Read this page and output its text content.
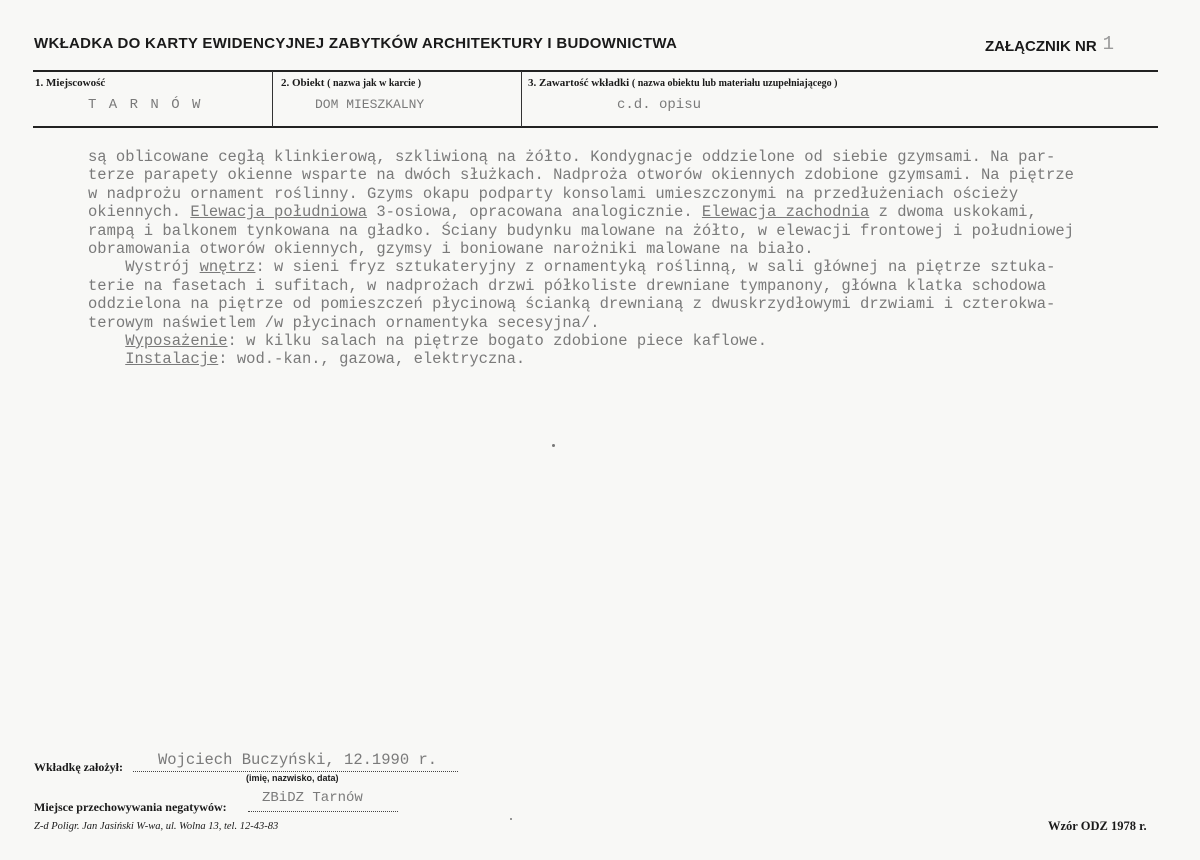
WKŁADKA DO KARTY EWIDENCYJNEJ ZABYTKÓW ARCHITEKTURY I BUDOWNICTWA	ZAŁĄCZNIK NR 1
1. Miejscowość
T A R N Ó W
2. Obiekt ( nazwa jak w karcie )
DOM MIESZKALNY
3. Zawartość wkładki ( nazwa obiektu lub materiału uzupełniającego )
c.d. opisu
są oblicowane cegłą klinkierową, szkliwioną na żółto. Kondygnacje oddzielone od siebie gzymsami. Na par-
terze parapety okienne wsparte na dwóch służkach. Nadproża otworów okiennych zdobione gzymsami. Na piętrze
w nadprożu ornament roślinny. Gzyms okapu podparty konsolami umieszczonymi na przedłużeniach ościeży
okiennych. Elewacja południowa 3-osiowa, opracowana analogicznie. Elewacja zachodnia z dwoma uskokami,
rampą i balkonem tynkowana na gładko. Ściany budynku malowane na żółto, w elewacji frontowej i południowej
obramowania otworów okiennych, gzymsy i boniowane narożniki malowane na biało.
Wystrój wnętrz: w sieni fryz sztukateryjny z ornamentyką roślinną, w sali głównej na piętrze sztuka-
terie na fasetach i sufitach, w nadprożach drzwi półkoliste drewniane tympanony, główna klatka schodowa
oddzielona na piętrze od pomieszczeń płycinową ścianką drewnianą z dwuskrzydłowymi drzwiami i czterokwa-
terowym naświetlem /w płycinach ornamentyka secesyjna/.
Wyposażenie: w kilku salach na piętrze bogato zdobione piece kaflowe.
Instalacje: wod.-kan., gazowa, elektryczna.
Wkładkę założył: Wojciech Buczyński, 12.1990 r.
(imię, nazwisko, data)
Miejsce przechowywania negatywów:
ZBiDZ Tarnów
Z-d Poligr. Jan Jasiński W-wa, ul. Wolna 13, tel. 12-43-83	Wzór ODZ 1978 r.
